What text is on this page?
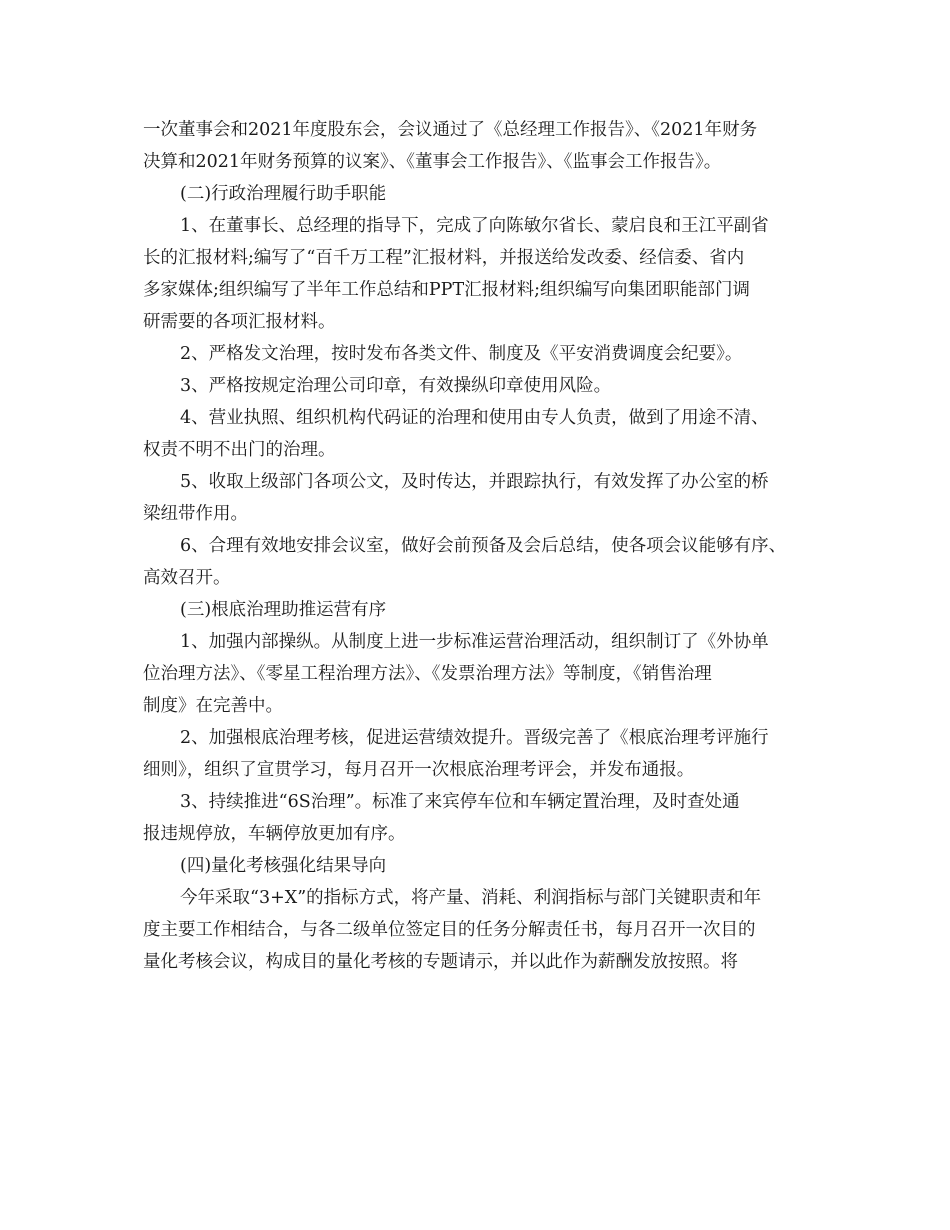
一次董事会和2021年度股东会，会议通过了《总经理工作报告》、《2021年财务
决算和2021年财务预算的议案》、《董事会工作报告》、《监事会工作报告》。
(二)行政治理履行助手职能
1、在董事长、总经理的指导下，完成了向陈敏尔省长、蒙启良和王江平副省
长的汇报材料;编写了“百千万工程”汇报材料，并报送给发改委、经信委、省内
多家媒体;组织编写了半年工作总结和PPT汇报材料;组织编写向集团职能部门调
研需要的各项汇报材料。
2、严格发文治理，按时发布各类文件、制度及《平安消费调度会纪要》。
3、严格按规定治理公司印章，有效操纵印章使用风险。
4、营业执照、组织机构代码证的治理和使用由专人负责，做到了用途不清、
权责不明不出门的治理。
5、收取上级部门各项公文，及时传达，并跟踪执行，有效发挥了办公室的桥
梁纽带作用。
6、合理有效地安排会议室，做好会前预备及会后总结，使各项会议能够有序、
高效召开。
(三)根底治理助推运营有序
1、加强内部操纵。从制度上进一步标准运营治理活动，组织制订了《外协单
位治理方法》、《零星工程治理方法》、《发票治理方法》等制度，《销售治理
制度》在完善中。
2、加强根底治理考核，促进运营绩效提升。晋级完善了《根底治理考评施行
细则》，组织了宣贯学习，每月召开一次根底治理考评会，并发布通报。
3、持续推进“6S治理”。标准了来宾停车位和车辆定置治理，及时查处通
报违规停放，车辆停放更加有序。
(四)量化考核强化结果导向
今年采取“3+X”的指标方式，将产量、消耗、利润指标与部门关键职责和年
度主要工作相结合，与各二级单位签定目的任务分解责任书，每月召开一次目的
量化考核会议，构成目的量化考核的专题请示，并以此作为薪酬发放按照。将
